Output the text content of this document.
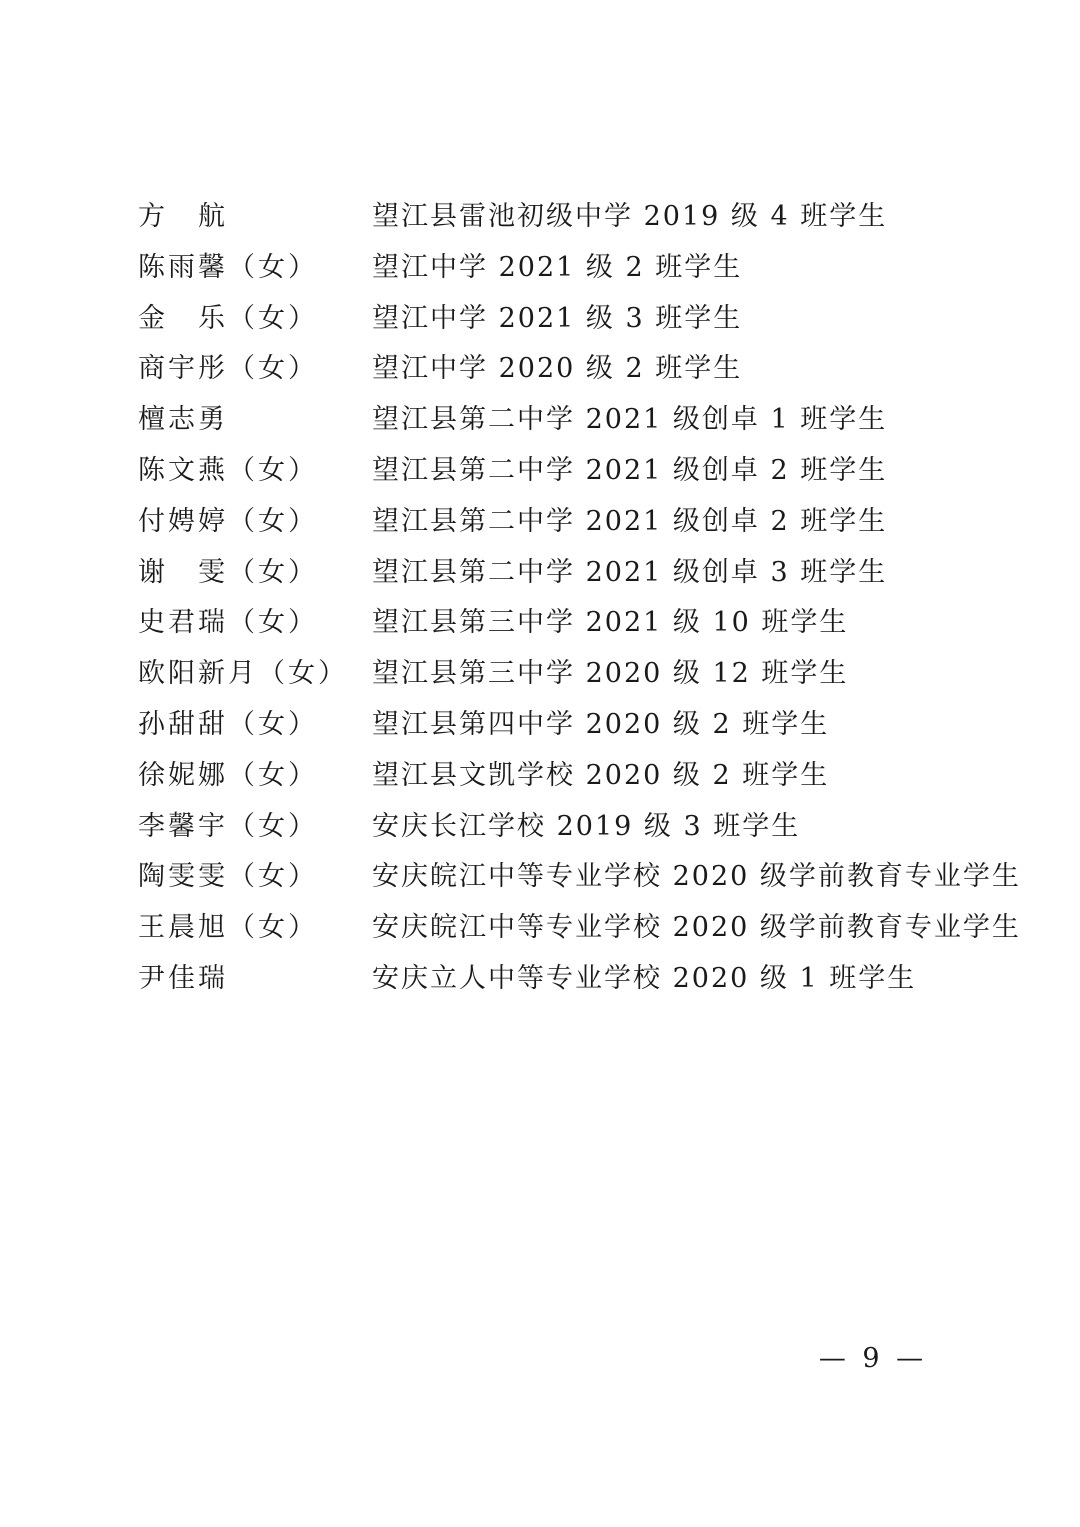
方　航	望江县雷池初级中学 2019 级 4 班学生
陈雨馨（女）	望江中学 2021 级 2 班学生
金　乐（女）	望江中学 2021 级 3 班学生
商宇彤（女）	望江中学 2020 级 2 班学生
檀志勇	望江县第二中学 2021 级创卓 1 班学生
陈文燕（女）	望江县第二中学 2021 级创卓 2 班学生
付娉婷（女）	望江县第二中学 2021 级创卓 2 班学生
谢　雯（女）	望江县第二中学 2021 级创卓 3 班学生
史君瑞（女）	望江县第三中学 2021 级 10 班学生
欧阳新月（女） 望江县第三中学 2020 级 12 班学生
孙甜甜（女）	望江县第四中学 2020 级 2 班学生
徐妮娜（女）	望江县文凯学校 2020 级 2 班学生
李馨宇（女）	安庆长江学校 2019 级 3 班学生
陶雯雯（女）	安庆皖江中等专业学校 2020 级学前教育专业学生
王晨旭（女）	安庆皖江中等专业学校 2020 级学前教育专业学生
尹佳瑞	安庆立人中等专业学校 2020 级 1 班学生
— 9 —
